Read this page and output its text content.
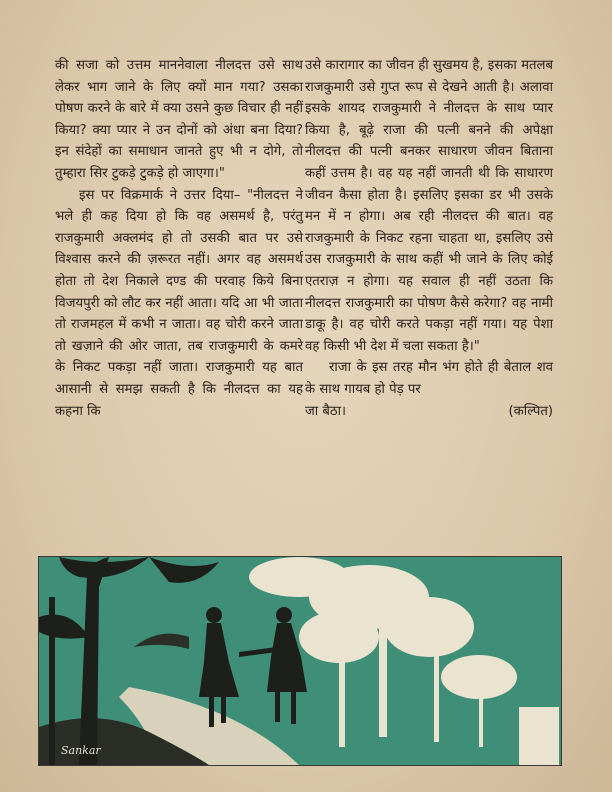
की सजा को उत्तम माननेवाला नीलदत्त उसे साथ लेकर भाग जाने के लिए क्यों मान गया? उसका पोषण करने के बारे में क्या उसने कुछ विचार ही नहीं किया? क्या प्यार ने उन दोनों को अंधा बना दिया? इन संदेहों का समाधान जानते हुए भी न दोगे, तो तुम्हारा सिर टुकड़े टुकड़े हो जाएगा।"

इस पर विक्रमार्क ने उत्तर दिया– "नीलदत्त ने भले ही कह दिया हो कि वह असमर्थ है, परंतु राजकुमारी अक्लमंद हो तो उसकी बात पर उसे विश्वास करने की ज़रूरत नहीं। अगर वह असमर्थ होता तो देश निकाले दण्ड की परवाह किये बिना विजयपुरी को लौट कर नहीं आता। यदि आ भी जाता तो राजमहल में कभी न जाता। वह चोरी करने जाता तो खज़ाने की ओर जाता, तब राजकुमारी के कमरे के निकट पकड़ा नहीं जाता। राजकुमारी यह बात आसानी से समझ सकती है कि नीलदत्त का यह कहना कि

उसे कारागार का जीवन ही सुखमय है, इसका मतलब राजकुमारी उसे गुप्त रूप से देखने आती है। अलावा इसके शायद राजकुमारी ने नीलदत्त के साथ प्यार किया है, बूढ़े राजा की पत्नी बनने की अपेक्षा नीलदत्त की पत्नी बनकर साधारण जीवन बिताना कहीं उत्तम है। वह यह नहीं जानती थी कि साधारण जीवन कैसा होता है। इसलिए इसका डर भी उसके मन में न होगा। अब रही नीलदत्त की बात। वह राजकुमारी के निकट रहना चाहता था, इसलिए उसे उस राजकुमारी के साथ कहीं भी जाने के लिए कोई एतराज़ न होगा। यह सवाल ही नहीं उठता कि नीलदत्त राजकुमारी का पोषण कैसे करेगा? वह नामी डाकू है। वह चोरी करते पकड़ा नहीं गया। यह पेशा वह किसी भी देश में चला सकता है।"

राजा के इस तरह मौन भंग होते ही बेताल शव के साथ गायब हो पेड़ पर

जा बैठा।	(कल्पित)
Sankar
